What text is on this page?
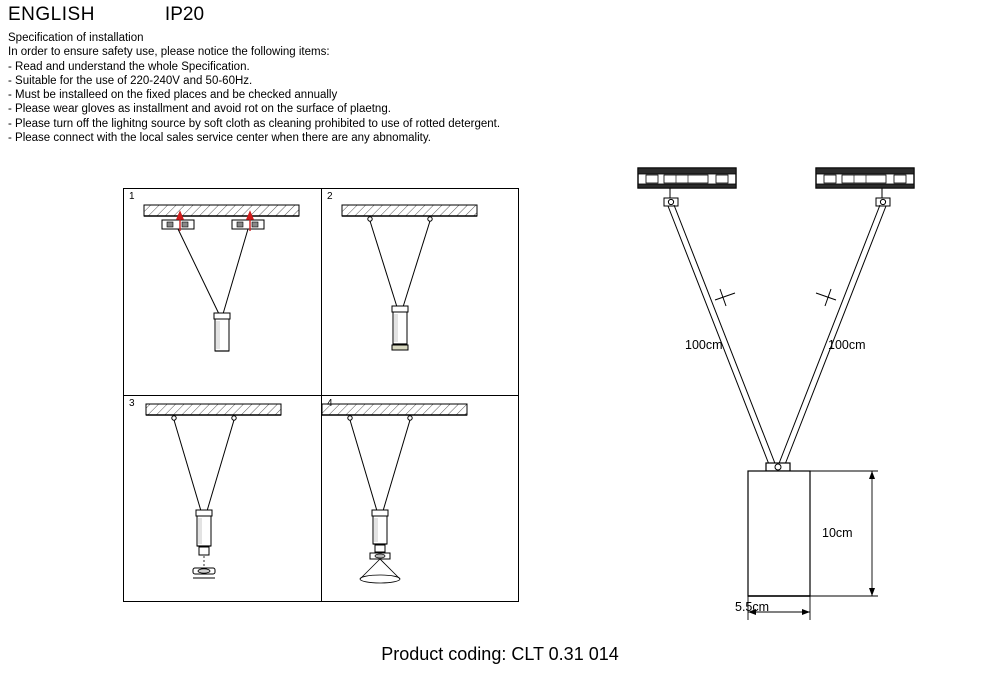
ENGLISH	IP20
Specification of installation
In order to ensure safety use, please notice the following items:
- Read and understand the whole Specification.
- Suitable for the use of 220-240V and 50-60Hz.
- Must be installeed on the fixed places and be checked annually
- Please wear gloves as installment and avoid rot on the surface of plaetng.
- Please turn off the lighitng source by soft cloth as cleaning prohibited to use of rotted detergent.
- Please connect with the local sales service center when there are any abnomality.
1	2
3
100cm	100cm
10cm
5.5cm
Product coding: CLT 0.31 014
